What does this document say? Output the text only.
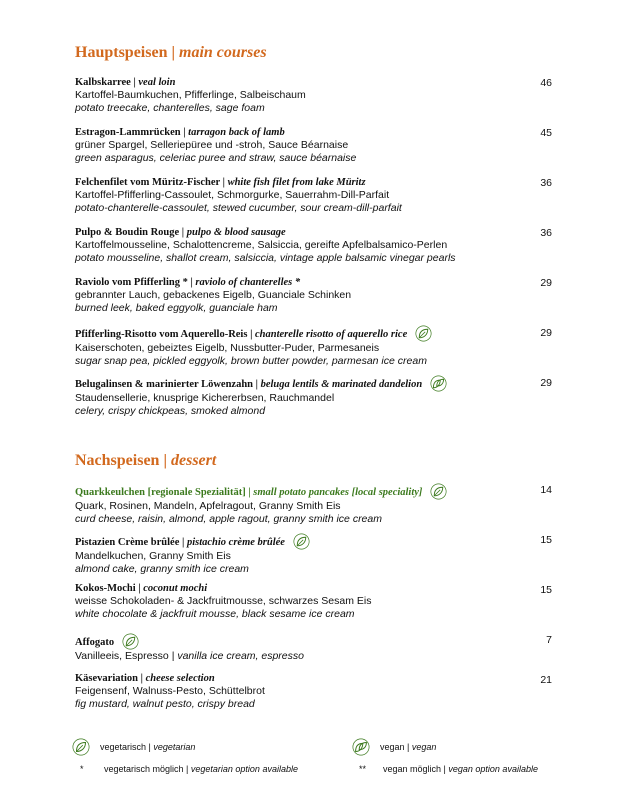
Hauptspeisen | main courses
Kalbskarree | veal loin
Kartoffel-Baumkuchen, Pfifferlinge, Salbeischaum
potato treecake, chanterelles, sage foam
46
Estragon-Lammrücken | tarragon back of lamb
grüner Spargel, Selleriepüree und -stroh, Sauce Béarnaise
green asparagus, celeriac puree and straw, sauce béarnaise
45
Felchenfilet vom Müritz-Fischer | white fish filet from lake Müritz
Kartoffel-Pfifferling-Cassoulet, Schmorgurke, Sauerrahm-Dill-Parfait
potato-chanterelle-cassoulet, stewed cucumber, sour cream-dill-parfait
36
Pulpo & Boudin Rouge | pulpo & blood sausage
Kartoffelmousseline, Schalottencreme, Salsiccia, gereifte Apfelbalsamico-Perlen
potato mousseline, shallot cream, salsiccia, vintage apple balsamic vinegar pearls
36
Raviolo vom Pfifferling * | raviolo of chanterelles *
gebrannter Lauch, gebackenes Eigelb, Guanciale Schinken
burned leek, baked eggyolk, guanciale ham
29
Pfifferling-Risotto vom Aquerello-Reis | chanterelle risotto of aquerello rice
Kaiserschoten, gebeiztes Eigelb, Nussbutter-Puder, Parmesaneis
sugar snap pea, pickled eggyolk, brown butter powder, parmesan ice cream
29
Belugalinsen & marinierter Löwenzahn | beluga lentils & marinated dandelion
Staudensellerie, knusprige Kichererbsen, Rauchmandel
celery, crispy chickpeas, smoked almond
29
Nachspeisen | dessert
Quarkkeulchen [regionale Spezialität] | small potato pancakes [local speciality]
Quark, Rosinen, Mandeln, Apfelragout, Granny Smith Eis
curd cheese, raisin, almond, apple ragout, granny smith ice cream
14
Pistazien Crème brûlée | pistachio crème brûlée
Mandelkuchen, Granny Smith Eis
almond cake, granny smith ice cream
15
Kokos-Mochi | coconut mochi
weisse Schokoladen- & Jackfruitmousse, schwarzes Sesam Eis
white chocolate & jackfruit mousse, black sesame ice cream
15
Affogato
Vanilleeis, Espresso | vanilla ice cream, espresso
7
Käsevariation | cheese selection
Feigensenf, Walnuss-Pesto, Schüttelbrot
fig mustard, walnut pesto, crispy bread
21
vegetarisch | vegetarian	vegan | vegan
* vegetarisch möglich | vegetarian option available	** vegan möglich | vegan option available
